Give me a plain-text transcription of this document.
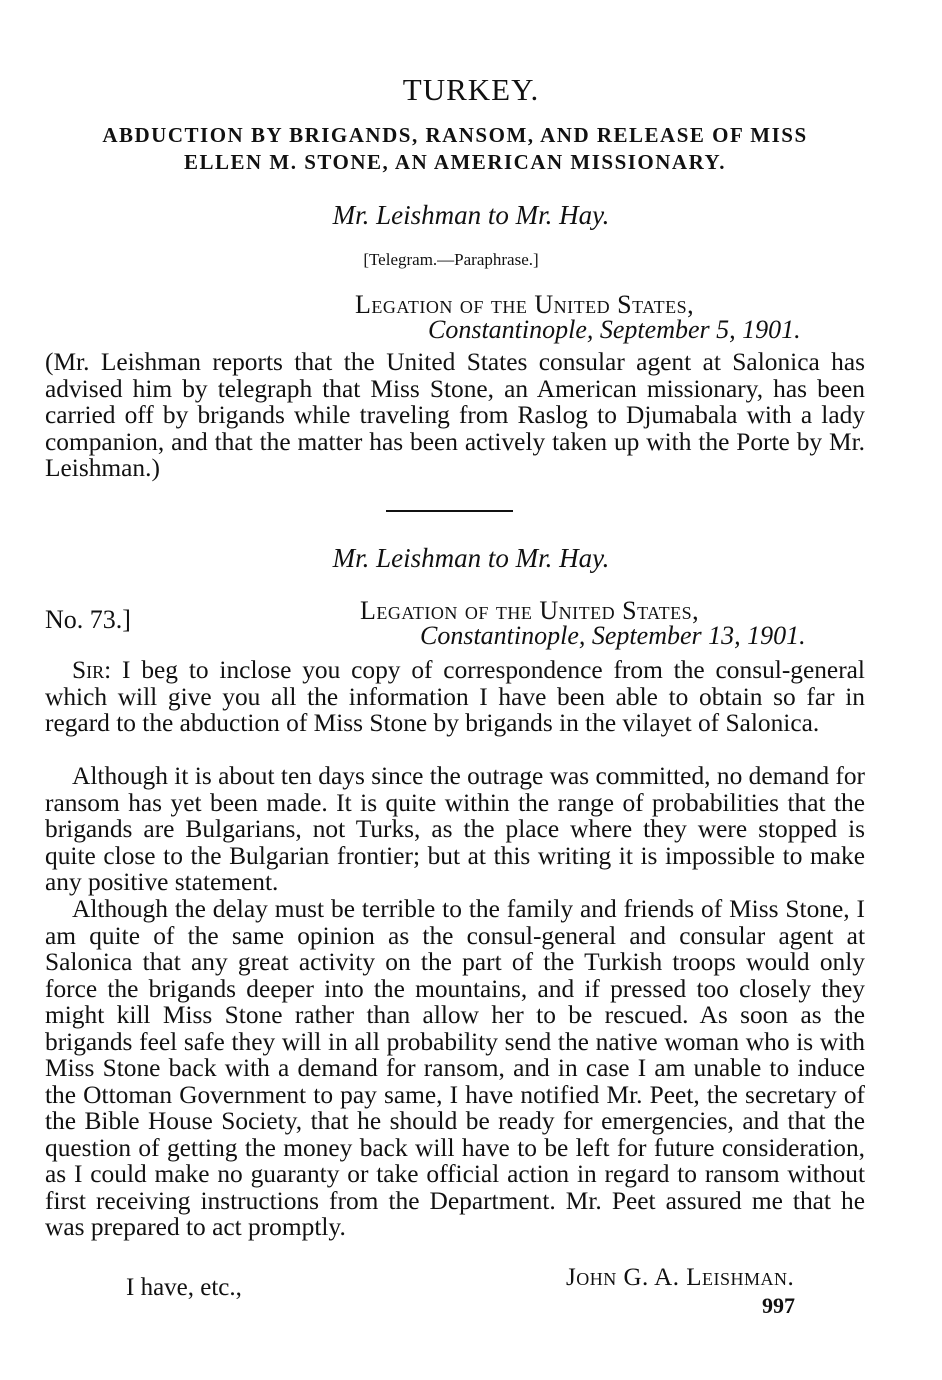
TURKEY.
ABDUCTION BY BRIGANDS, RANSOM, AND RELEASE OF MISS
ELLEN M. STONE, AN AMERICAN MISSIONARY.
Mr. Leishman to Mr. Hay.
[Telegram.—Paraphrase.]
Legation of the United States,
Constantinople, September 5, 1901.

(Mr. Leishman reports that the United States consular agent at Salonica has advised him by telegraph that Miss Stone, an American missionary, has been carried off by brigands while traveling from Raslog to Djumabala with a lady companion, and that the matter has been actively taken up with the Porte by Mr. Leishman.)

Mr. Leishman to Mr. Hay.
No. 73.]	Legation of the United States,
Constantinople, September 13, 1901.

Sir: I beg to inclose you copy of correspondence from the consul-general which will give you all the information I have been able to obtain so far in regard to the abduction of Miss Stone by brigands in the vilayet of Salonica.

Although it is about ten days since the outrage was committed, no demand for ransom has yet been made. It is quite within the range of probabilities that the brigands are Bulgarians, not Turks, as the place where they were stopped is quite close to the Bulgarian frontier; but at this writing it is impossible to make any positive statement.

Although the delay must be terrible to the family and friends of Miss Stone, I am quite of the same opinion as the consul-general and consular agent at Salonica that any great activity on the part of the Turkish troops would only force the brigands deeper into the mountains, and if pressed too closely they might kill Miss Stone rather than allow her to be rescued. As soon as the brigands feel safe they will in all probability send the native woman who is with Miss Stone back with a demand for ransom, and in case I am unable to induce the Ottoman Government to pay same, I have notified Mr. Peet, the secretary of the Bible House Society, that he should be ready for emergencies, and that the question of getting the money back will have to be left for future consideration, as I could make no guaranty or take official action in regard to ransom without first receiving instructions from the Department. Mr. Peet assured me that he was prepared to act promptly.

I have, etc.,	John G. A. Leishman.
997
